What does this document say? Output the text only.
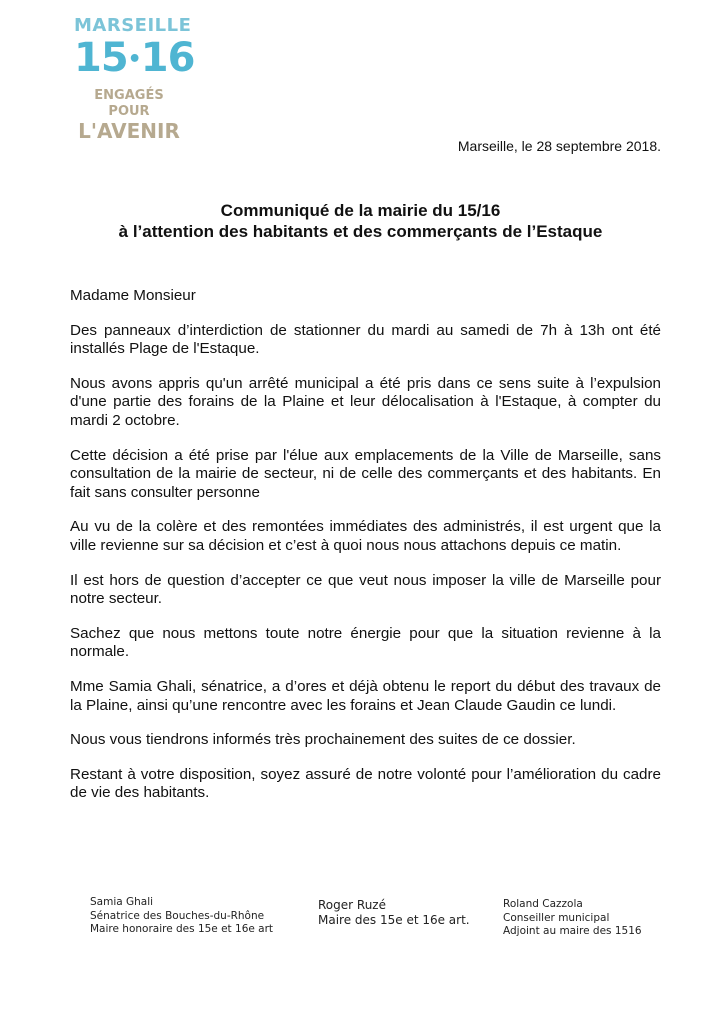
MARSEILLE
15•16
ENGAGÉS POUR
L'AVENIR
Marseille, le 28 septembre 2018.
Communiqué de la mairie du 15/16
à l’attention des habitants et des commerçants de l’Estaque

Madame Monsieur

Des panneaux d’interdiction de stationner du mardi au samedi de 7h à 13h ont été installés Plage de l'Estaque.

Nous avons appris qu'un arrêté municipal a été pris dans ce sens suite à l’expulsion d'une partie des forains de la Plaine et leur délocalisation à l'Estaque, à compter du mardi 2 octobre.

Cette décision a été prise par l'élue aux emplacements de la Ville de Marseille, sans consultation de la mairie de secteur, ni de celle des commerçants et des habitants. En fait sans consulter personne

Au vu de la colère et des remontées immédiates des administrés, il est urgent que la ville revienne sur sa décision et c’est à quoi nous nous attachons depuis ce matin.

Il est hors de question d’accepter ce que veut nous imposer la ville de Marseille pour notre secteur.

Sachez que nous mettons toute notre énergie pour que la situation revienne à la normale.

Mme Samia Ghali, sénatrice, a d’ores et déjà obtenu le report du début des travaux de la Plaine, ainsi qu’une rencontre avec les forains et Jean Claude Gaudin ce lundi.

Nous vous tiendrons informés très prochainement des suites de ce dossier.

Restant à votre disposition, soyez assuré de notre volonté pour l’amélioration du cadre de vie des habitants.

Samia Ghali
Sénatrice des Bouches-du-Rhône
Maire honoraire des 15e et 16e art
Roger Ruzé
Maire des 15e et 16e art.
Roland Cazzola
Conseiller municipal
Adjoint au maire des 1516
